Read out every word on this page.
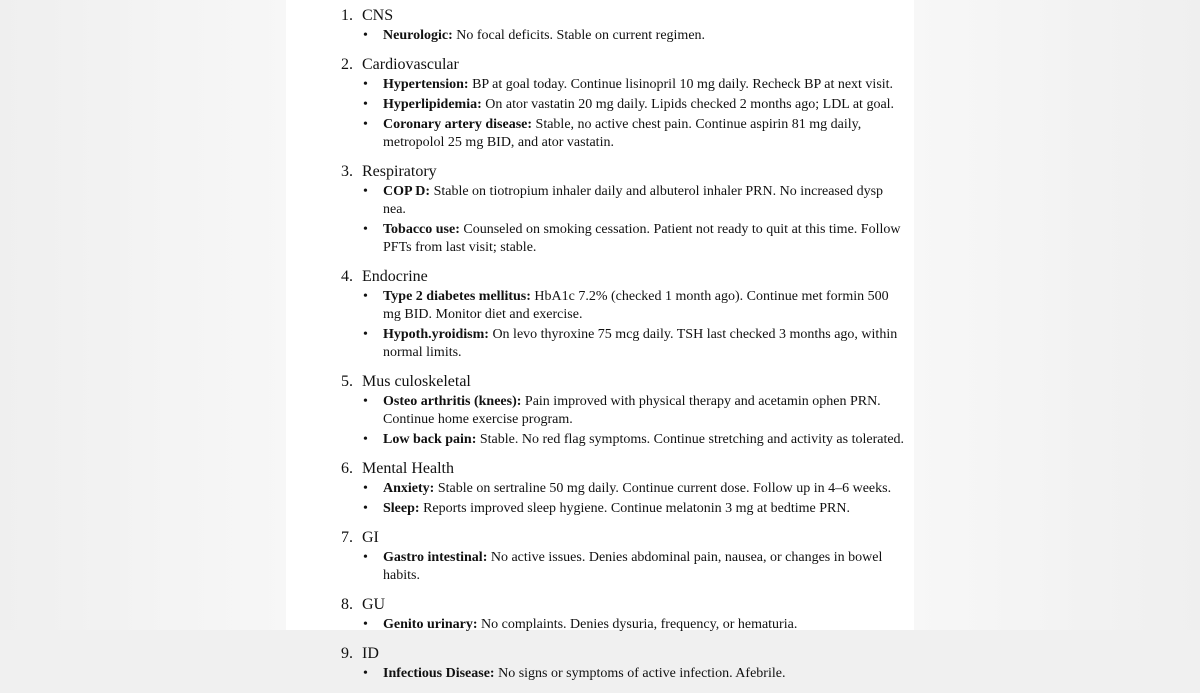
1. CNS
• Neurologic: No focal deficits. Stable on current regimen.
2. Cardiovascular
• Hypertension: BP at goal today. Continue lisinopril 10 mg daily. Recheck BP at next visit.
• Hyperlipidemia: On ator vastatin 20 mg daily. Lipids checked 2 months ago; LDL at goal.
• Coronary artery disease: Stable, no active chest pain. Continue aspirin 81 mg daily, metropolol 25 mg BID, and ator vastatin.
3. Respiratory
• COP D: Stable on tiotropium inhaler daily and albuterol inhaler PRN. No increased dysp nea.
• Tobacco use: Counseled on smoking cessation. Patient not ready to quit at this time. Follow PFTs from last visit; stable.
4. Endocrine
• Type 2 diabetes mellitus: HbA1c 7.2% (checked 1 month ago). Continue met formin 500 mg BID. Monitor diet and exercise.
• Hypoth.yroidism: On levo thyroxine 75 mcg daily. TSH last checked 3 months ago, within normal limits.
5. Mus culoskeletal
• Osteo arthritis (knees): Pain improved with physical therapy and acetamin ophen PRN. Continue home exercise program.
• Low back pain: Stable. No red flag symptoms. Continue stretching and activity as tolerated.
6. Mental Health
• Anxiety: Stable on sertraline 50 mg daily. Continue current dose. Follow up in 4–6 weeks.
• Sleep: Reports improved sleep hygiene. Continue melatonin 3 mg at bedtime PRN.
7. GI
• Gastro intestinal: No active issues. Denies abdominal pain, nausea, or changes in bowel habits.
8. GU
• Genito urinary: No complaints. Denies dysuria, frequency, or hematuria.
9. ID
• Infectious Disease: No signs or symptoms of active infection. Afebrile.
